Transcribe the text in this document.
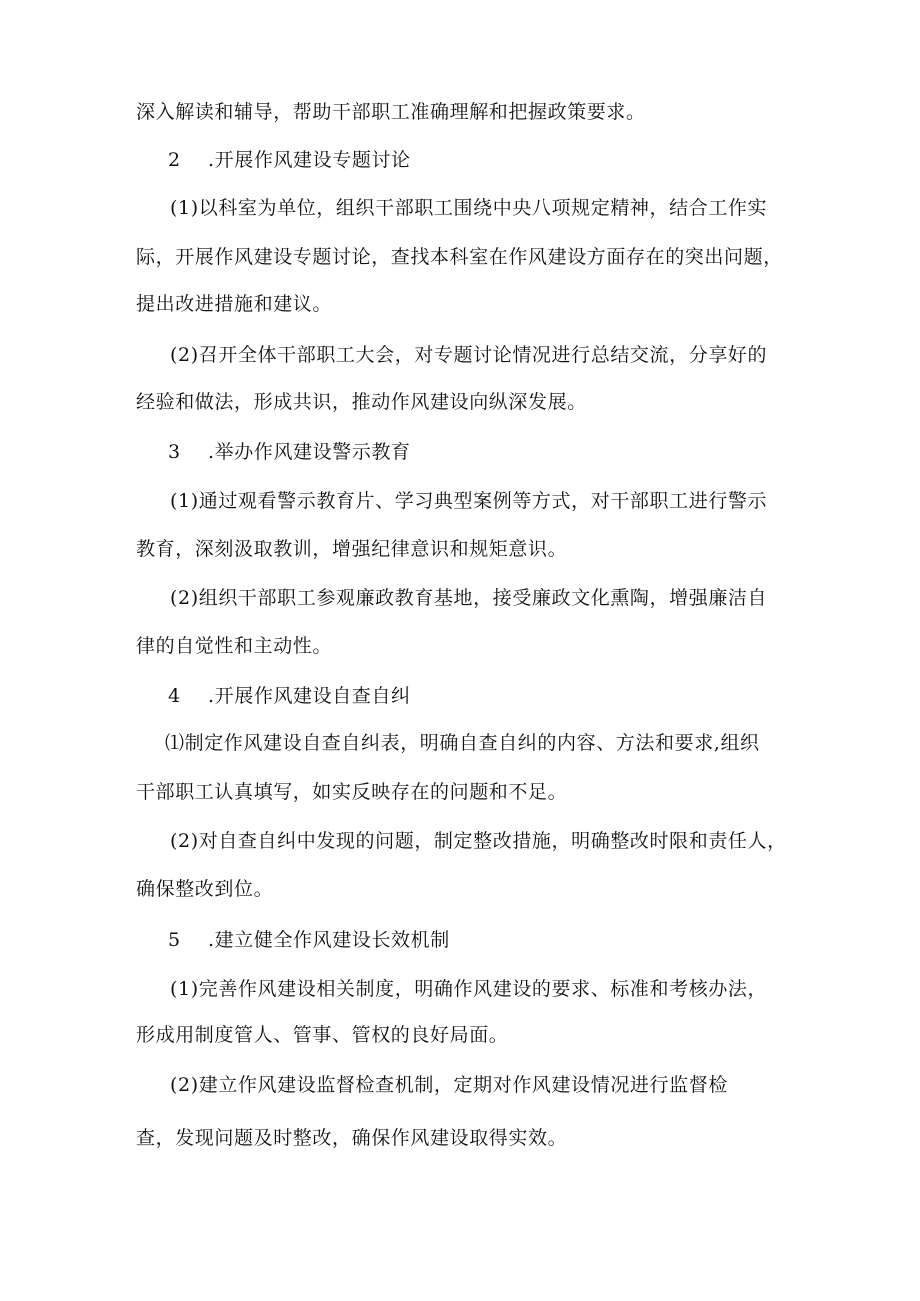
深入解读和辅导，帮助干部职工准确理解和把握政策要求。
2 .开展作风建设专题讨论
(1)以科室为单位，组织干部职工围绕中央八项规定精神，结合工作实
际，开展作风建设专题讨论，查找本科室在作风建设方面存在的突出问题，
提出改进措施和建议。
(2)召开全体干部职工大会，对专题讨论情况进行总结交流，分享好的
经验和做法，形成共识，推动作风建设向纵深发展。
3 .举办作风建设警示教育
(1)通过观看警示教育片、学习典型案例等方式，对干部职工进行警示
教育，深刻汲取教训，增强纪律意识和规矩意识。
(2)组织干部职工参观廉政教育基地，接受廉政文化熏陶，增强廉洁自
律的自觉性和主动性。
4 .开展作风建设自查自纠
⑴制定作风建设自查自纠表，明确自查自纠的内容、方法和要求,组织
干部职工认真填写，如实反映存在的问题和不足。
(2)对自查自纠中发现的问题，制定整改措施，明确整改时限和责任人，
确保整改到位。
5 .建立健全作风建设长效机制
(1)完善作风建设相关制度，明确作风建设的要求、标准和考核办法，
形成用制度管人、管事、管权的良好局面。
(2)建立作风建设监督检查机制，定期对作风建设情况进行监督检
查，发现问题及时整改，确保作风建设取得实效。
